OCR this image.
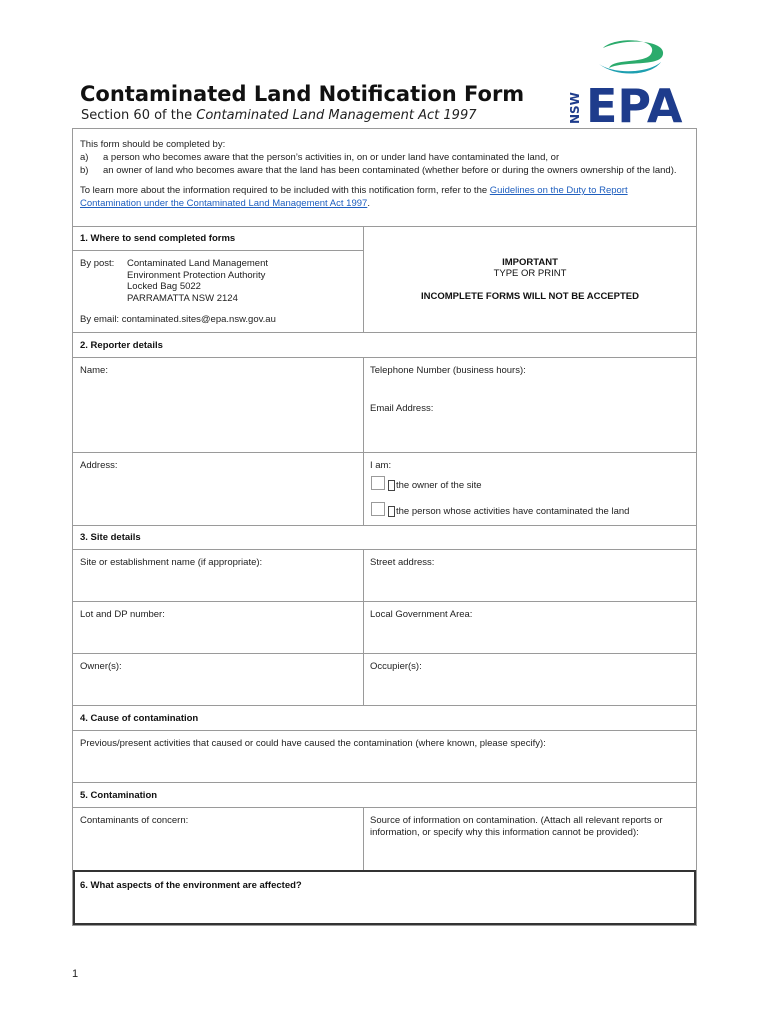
Contaminated Land Notification Form
Section 60 of the Contaminated Land Management Act 1997	NSW EPA
This form should be completed by:
a)	a person who becomes aware that the person’s activities in, on or under land have contaminated the land, or
b)	an owner of land who becomes aware that the land has been contaminated (whether before or during the owners ownership of the land).
To learn more about the information required to be included with this notification form, refer to the Guidelines on the Duty to Report Contamination under the Contaminated Land Management Act 1997.
1. Where to send completed forms
By post:	Contaminated Land Management
Environment Protection Authority
Locked Bag 5022
PARRAMATTA NSW 2124
By email: contaminated.sites@epa.nsw.gov.au
IMPORTANT
TYPE OR PRINT
INCOMPLETE FORMS WILL NOT BE ACCEPTED
2. Reporter details
Name:	Telephone Number (business hours):
Email Address:
Address:	I am:
the owner of the site
the person whose activities have contaminated the land
3. Site details
Site or establishment name (if appropriate):	Street address:
Lot and DP number:	Local Government Area:
Owner(s):	Occupier(s):
4. Cause of contamination
Previous/present activities that caused or could have caused the contamination (where known, please specify):
5. Contamination
Contaminants of concern:	Source of information on contamination. (Attach all relevant reports or information, or specify why this information cannot be provided):
6. What aspects of the environment are affected?
1
